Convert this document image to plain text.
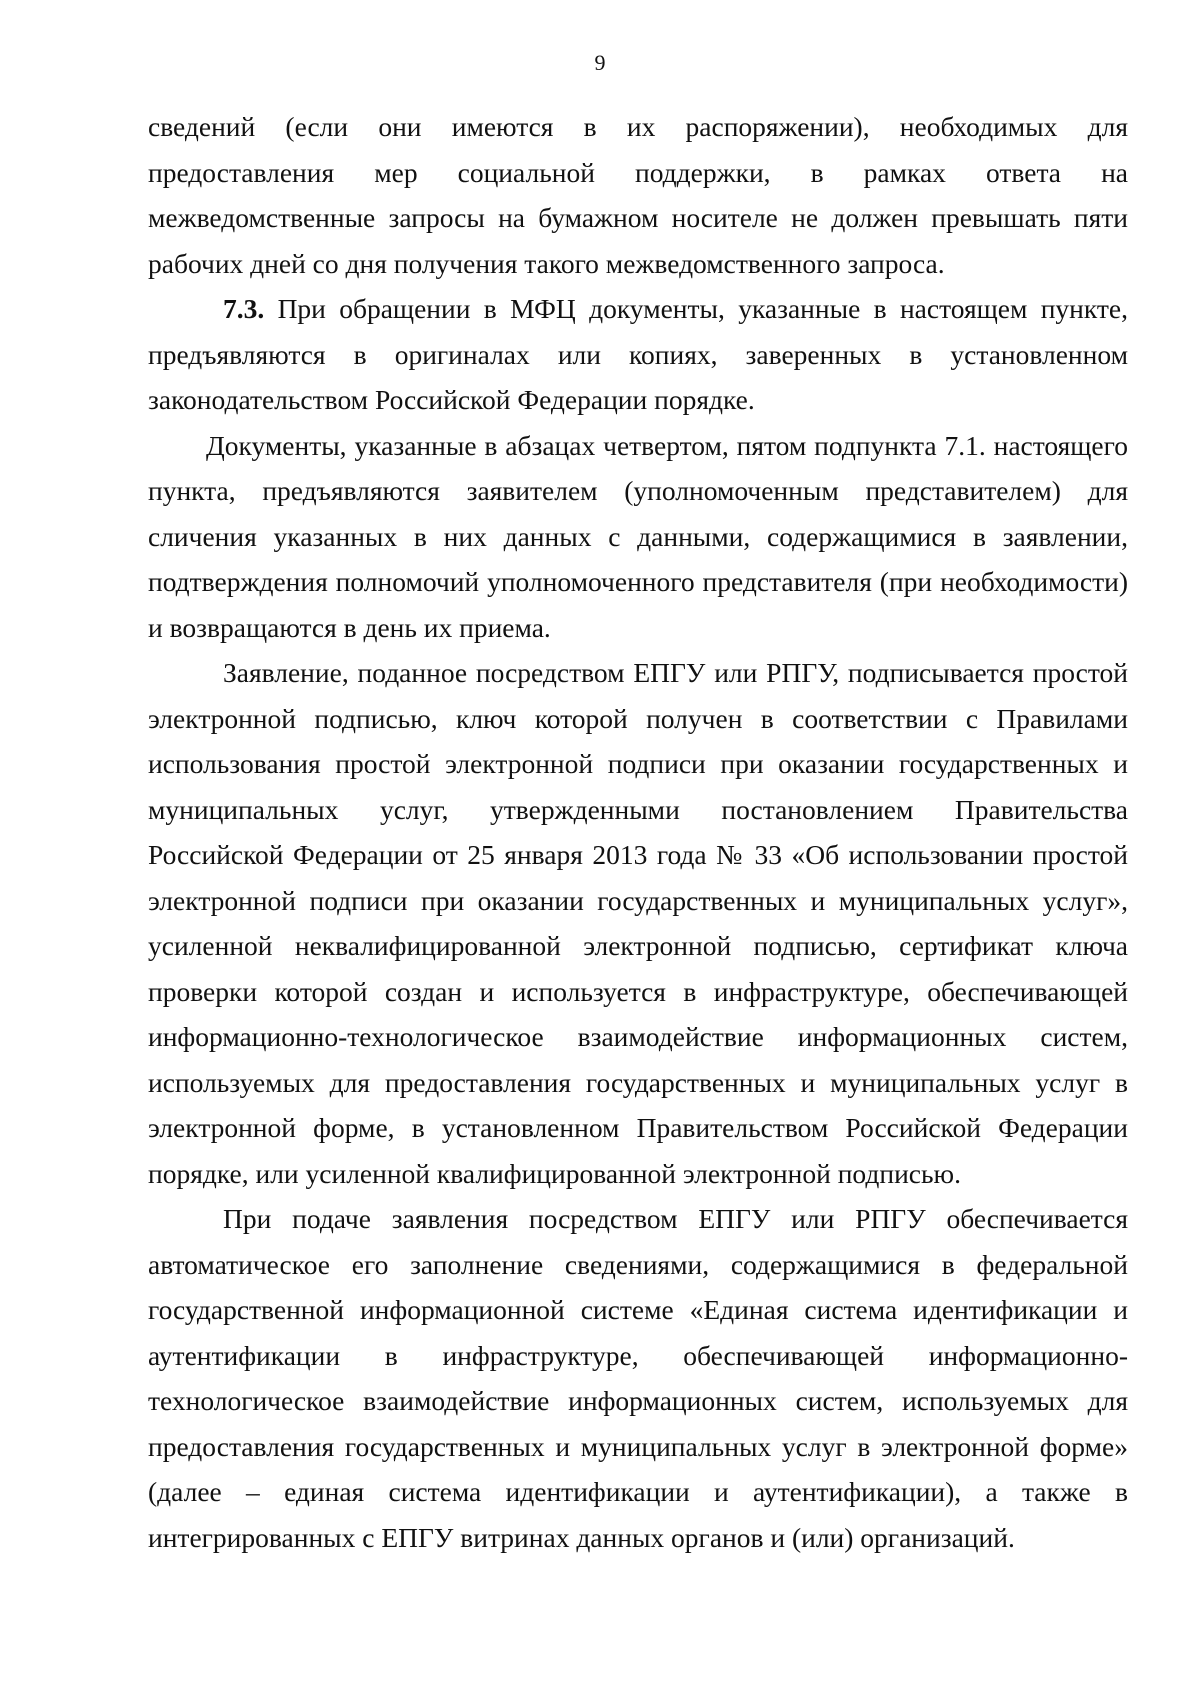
9

сведений (если они имеются в их распоряжении), необходимых для предоставления мер социальной поддержки, в рамках ответа на межведомственные запросы на бумажном носителе не должен превышать пяти рабочих дней со дня получения такого межведомственного запроса.

7.3. При обращении в МФЦ документы, указанные в настоящем пункте, предъявляются в оригиналах или копиях, заверенных в установленном законодательством Российской Федерации порядке.

Документы, указанные в абзацах четвертом, пятом подпункта 7.1. настоящего пункта, предъявляются заявителем (уполномоченным представителем) для сличения указанных в них данных с данными, содержащимися в заявлении, подтверждения полномочий уполномоченного представителя (при необходимости) и возвращаются в день их приема.

Заявление, поданное посредством ЕПГУ или РПГУ, подписывается простой электронной подписью, ключ которой получен в соответствии с Правилами использования простой электронной подписи при оказании государственных и муниципальных услуг, утвержденными постановлением Правительства Российской Федерации от 25 января 2013 года № 33 «Об использовании простой электронной подписи при оказании государственных и муниципальных услуг», усиленной неквалифицированной электронной подписью, сертификат ключа проверки которой создан и используется в инфраструктуре, обеспечивающей информационно-технологическое взаимодействие информационных систем, используемых для предоставления государственных и муниципальных услуг в электронной форме, в установленном Правительством Российской Федерации порядке, или усиленной квалифицированной электронной подписью.

При подаче заявления посредством ЕПГУ или РПГУ обеспечивается автоматическое его заполнение сведениями, содержащимися в федеральной государственной информационной системе «Единая система идентификации и аутентификации в инфраструктуре, обеспечивающей информационно-технологическое взаимодействие информационных систем, используемых для предоставления государственных и муниципальных услуг в электронной форме» (далее – единая система идентификации и аутентификации), а также в интегрированных с ЕПГУ витринах данных органов и (или) организаций.
